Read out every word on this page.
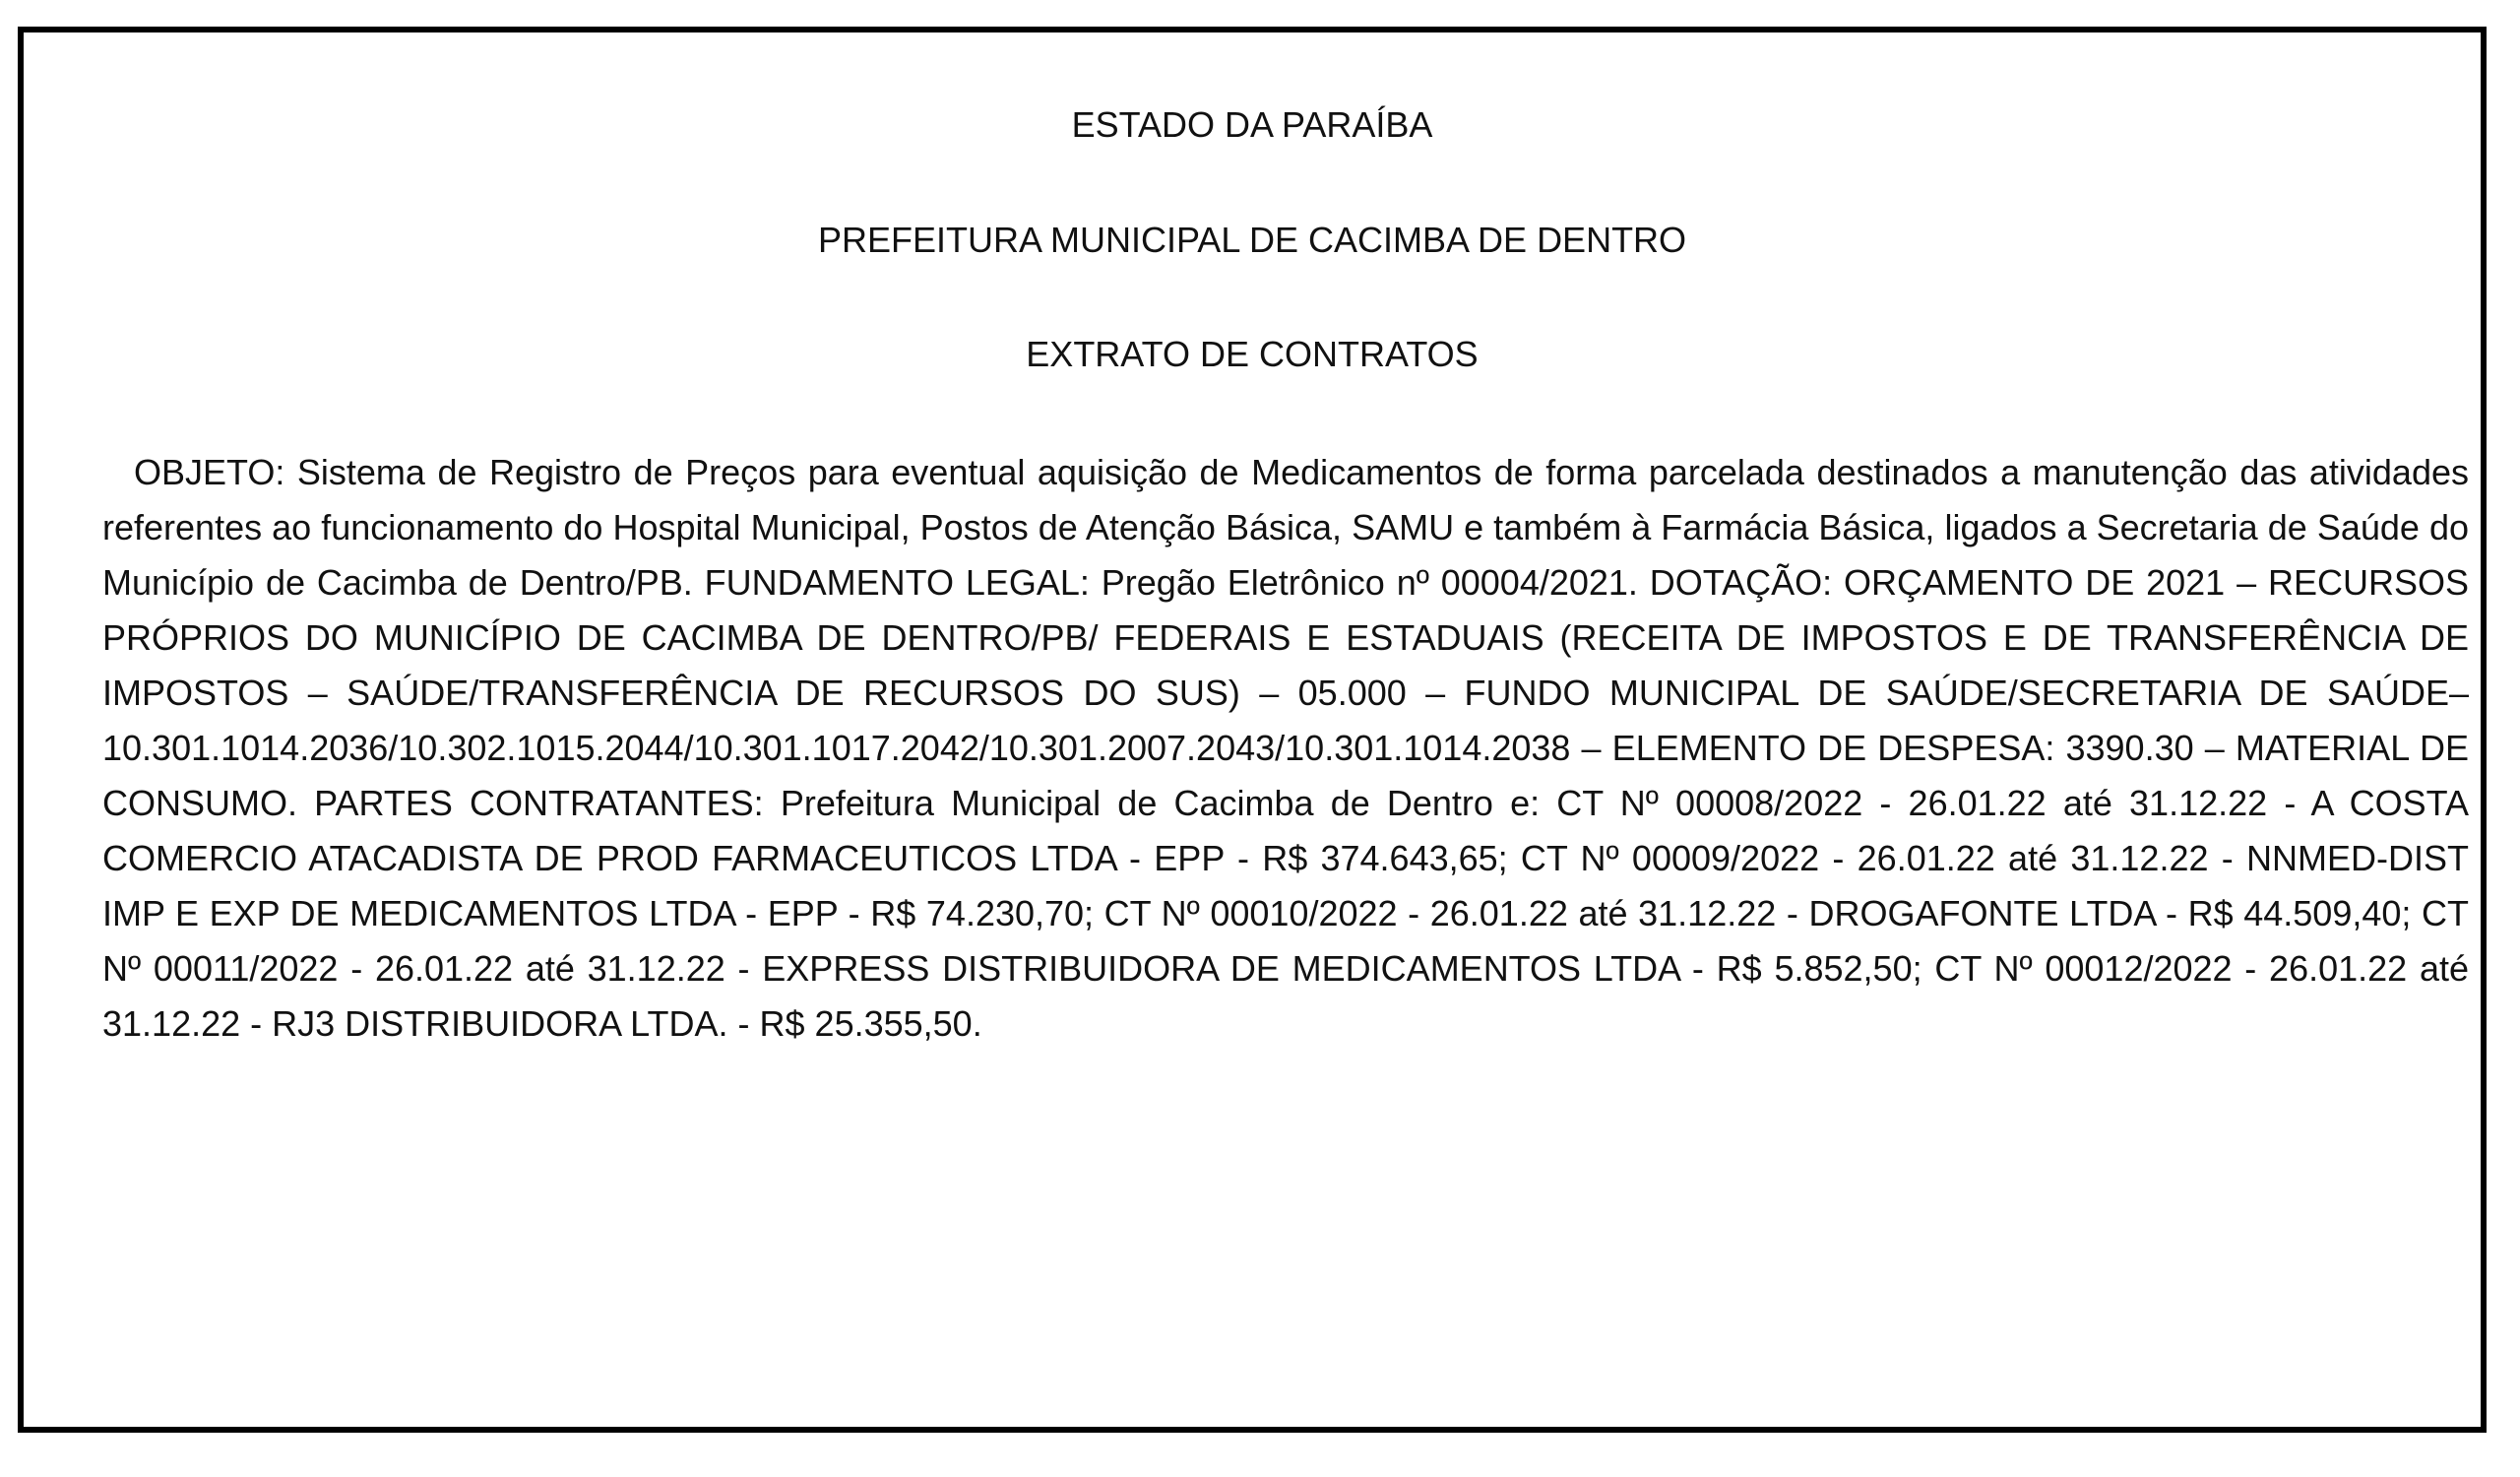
ESTADO DA PARAÍBA
PREFEITURA MUNICIPAL DE CACIMBA DE DENTRO
EXTRATO DE CONTRATOS

OBJETO: Sistema de Registro de Preços para eventual aquisição de Medicamentos de forma parcelada destinados a manutenção das atividades referentes ao funcionamento do Hospital Municipal, Postos de Atenção Básica, SAMU e também à Farmácia Básica, ligados a Secretaria de Saúde do Município de Cacimba de Dentro/PB. FUNDAMENTO LEGAL: Pregão Eletrônico nº 00004/2021. DOTAÇÃO: ORÇAMENTO DE 2021 – RECURSOS PRÓPRIOS DO MUNICÍPIO DE CACIMBA DE DENTRO/PB/ FEDERAIS E ESTADUAIS (RECEITA DE IMPOSTOS E DE TRANSFERÊNCIA DE IMPOSTOS – SAÚDE/TRANSFERÊNCIA DE RECURSOS DO SUS) – 05.000 – FUNDO MUNICIPAL DE SAÚDE/SECRETARIA DE SAÚDE– 10.301.1014.2036/10.302.1015.2044/10.301.1017.2042/10.301.2007.2043/10.301.1014.2038 – ELEMENTO DE DESPESA: 3390.30 – MATERIAL DE CONSUMO. PARTES CONTRATANTES: Prefeitura Municipal de Cacimba de Dentro e: CT Nº 00008/2022 - 26.01.22 até 31.12.22 - A COSTA COMERCIO ATACADISTA DE PROD FARMACEUTICOS LTDA - EPP - R$ 374.643,65; CT Nº 00009/2022 - 26.01.22 até 31.12.22 - NNMED-DIST IMP E EXP DE MEDICAMENTOS LTDA - EPP - R$ 74.230,70; CT Nº 00010/2022 - 26.01.22 até 31.12.22 - DROGAFONTE LTDA - R$ 44.509,40; CT Nº 00011/2022 - 26.01.22 até 31.12.22 - EXPRESS DISTRIBUIDORA DE MEDICAMENTOS LTDA - R$ 5.852,50; CT Nº 00012/2022 - 26.01.22 até 31.12.22 - RJ3 DISTRIBUIDORA LTDA. - R$ 25.355,50.
